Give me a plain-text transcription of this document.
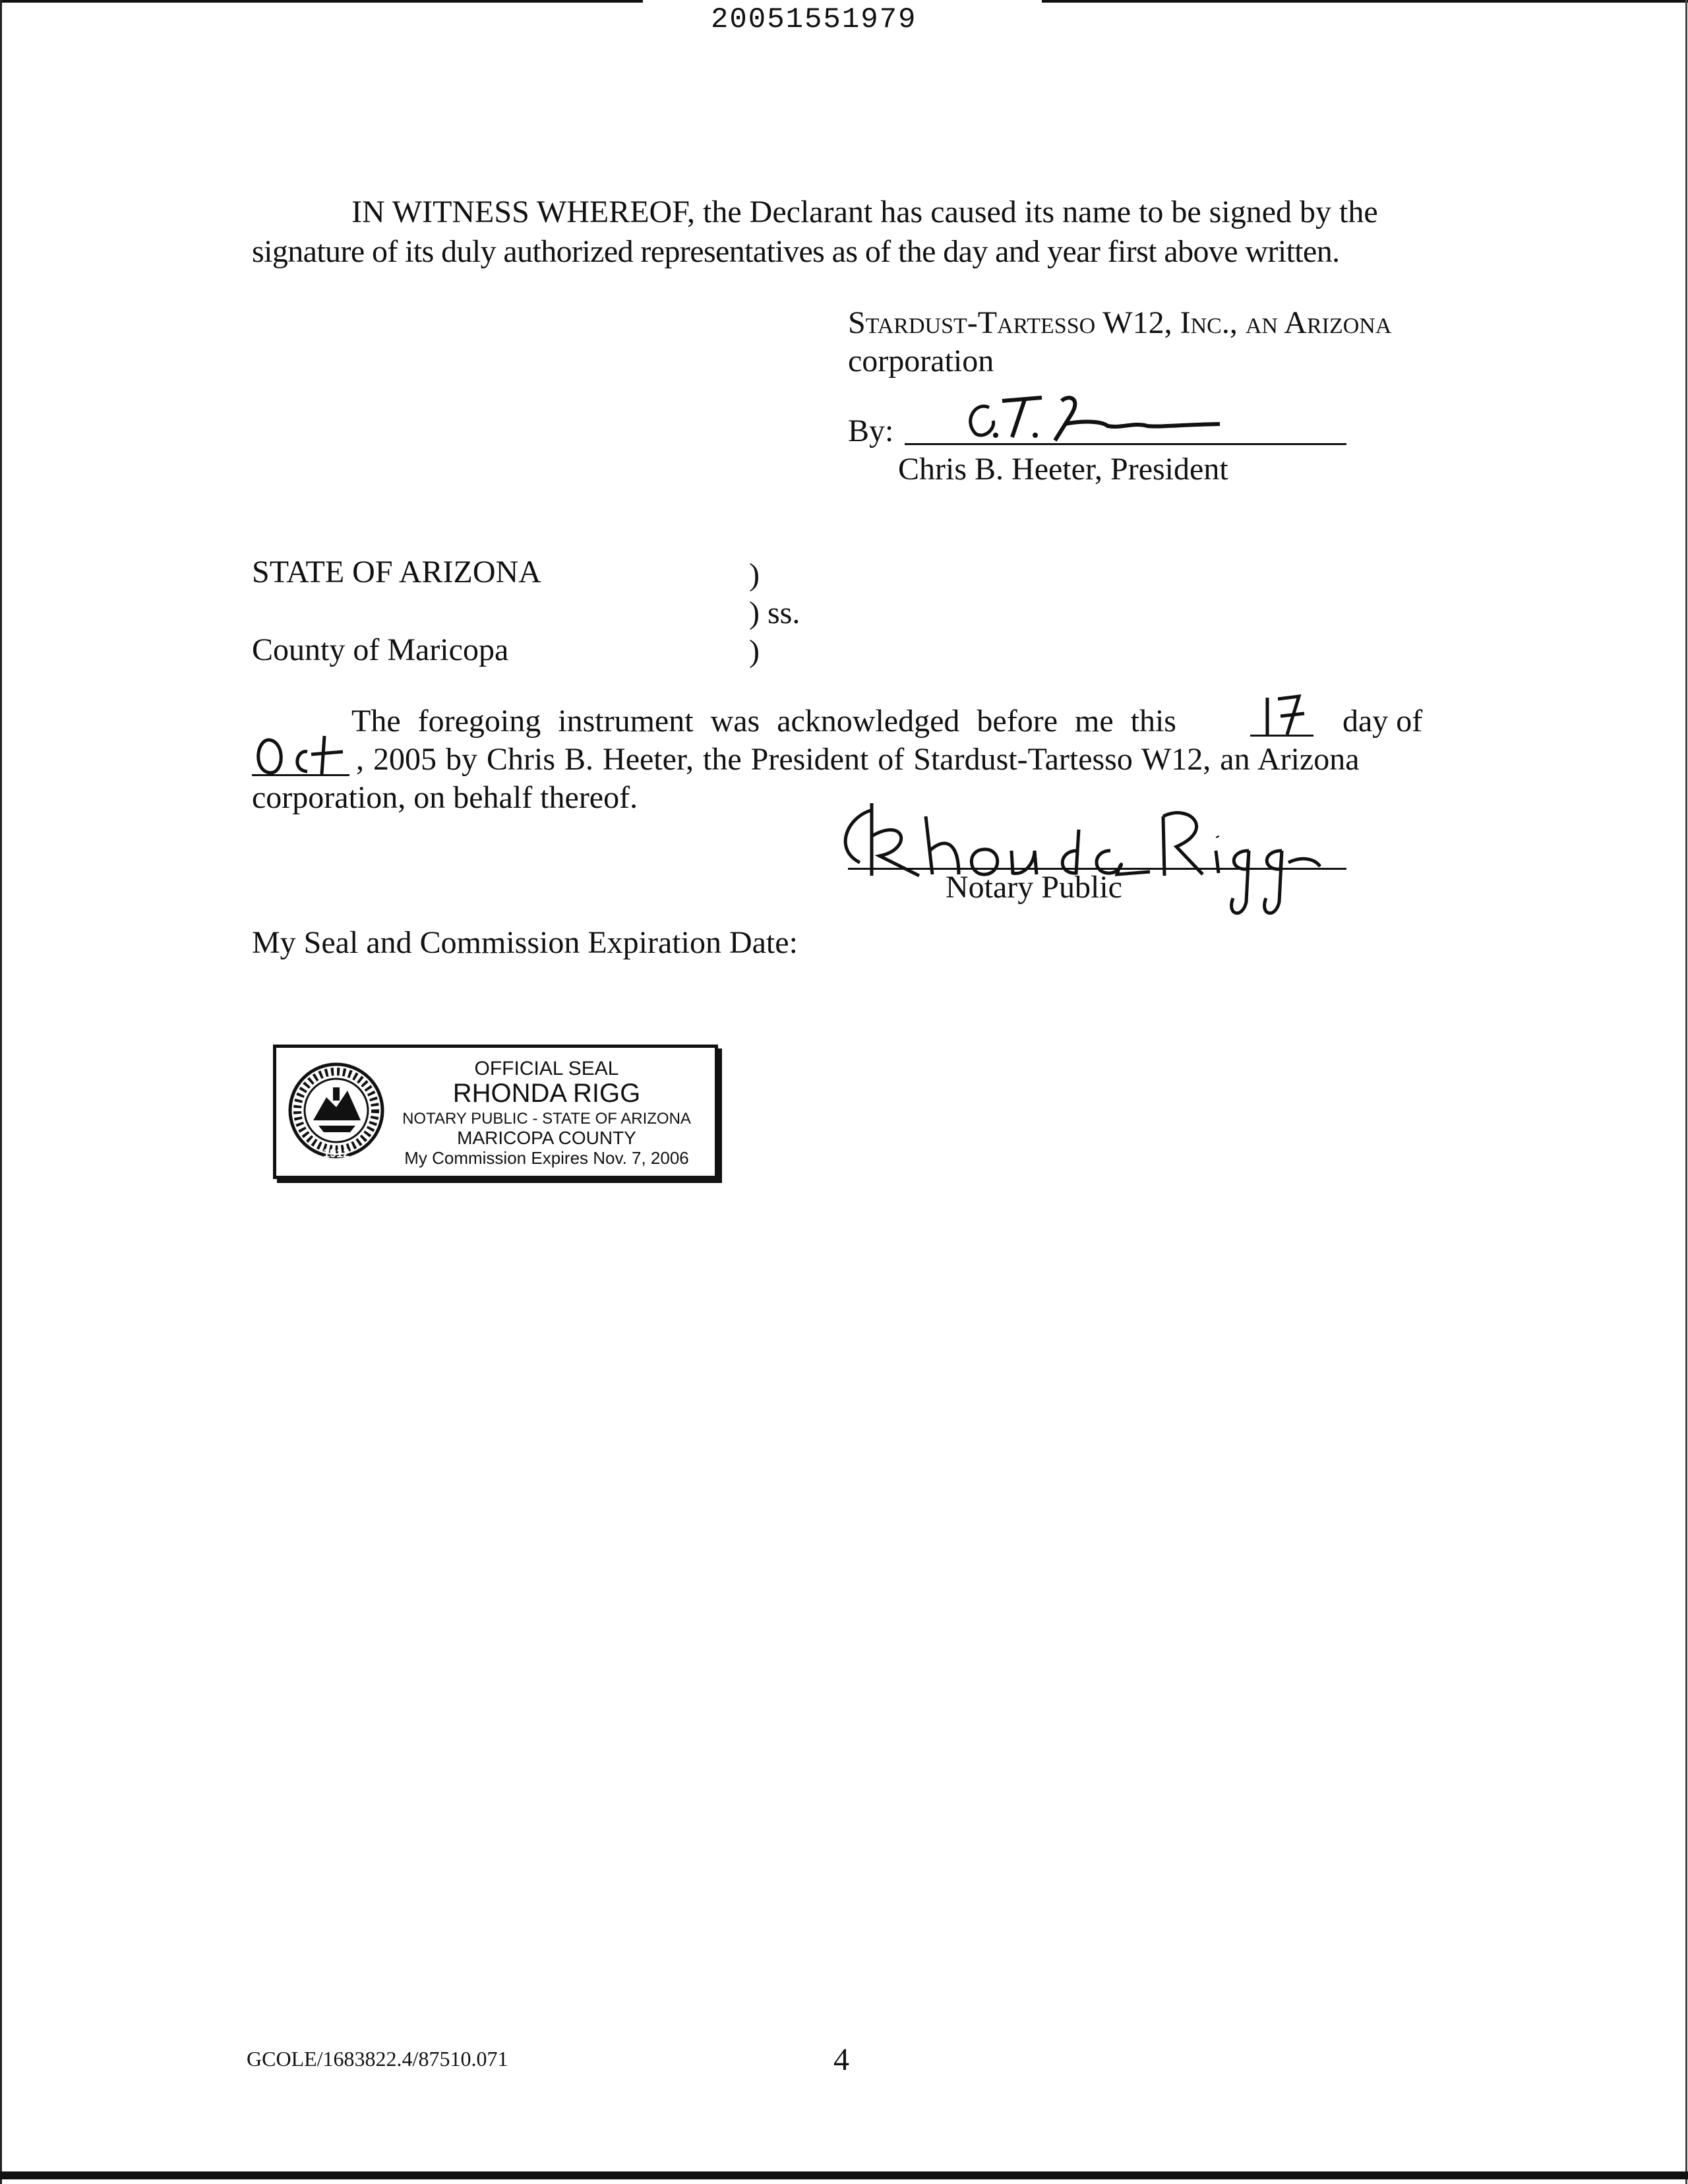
20051551979
IN WITNESS WHEREOF, the Declarant has caused its name to be signed by the
signature of its duly authorized representatives as of the day and year first above written.
Stardust-Tartesso W12, Inc., an Arizona
corporation
By:
Chris B. Heeter, President
STATE OF ARIZONA	)
) ss.
County of Maricopa	)
The foregoing instrument was acknowledged before me this	day of
, 2005 by Chris B. Heeter, the President of Stardust-Tartesso W12, an Arizona
corporation, on behalf thereof.
Notary Public
My Seal and Commission Expiration Date:
1912
OFFICIAL SEAL
RHONDA RIGG
NOTARY PUBLIC - STATE OF ARIZONA
MARICOPA COUNTY
My Commission Expires Nov. 7, 2006
GCOLE/1683822.4/87510.071	4
